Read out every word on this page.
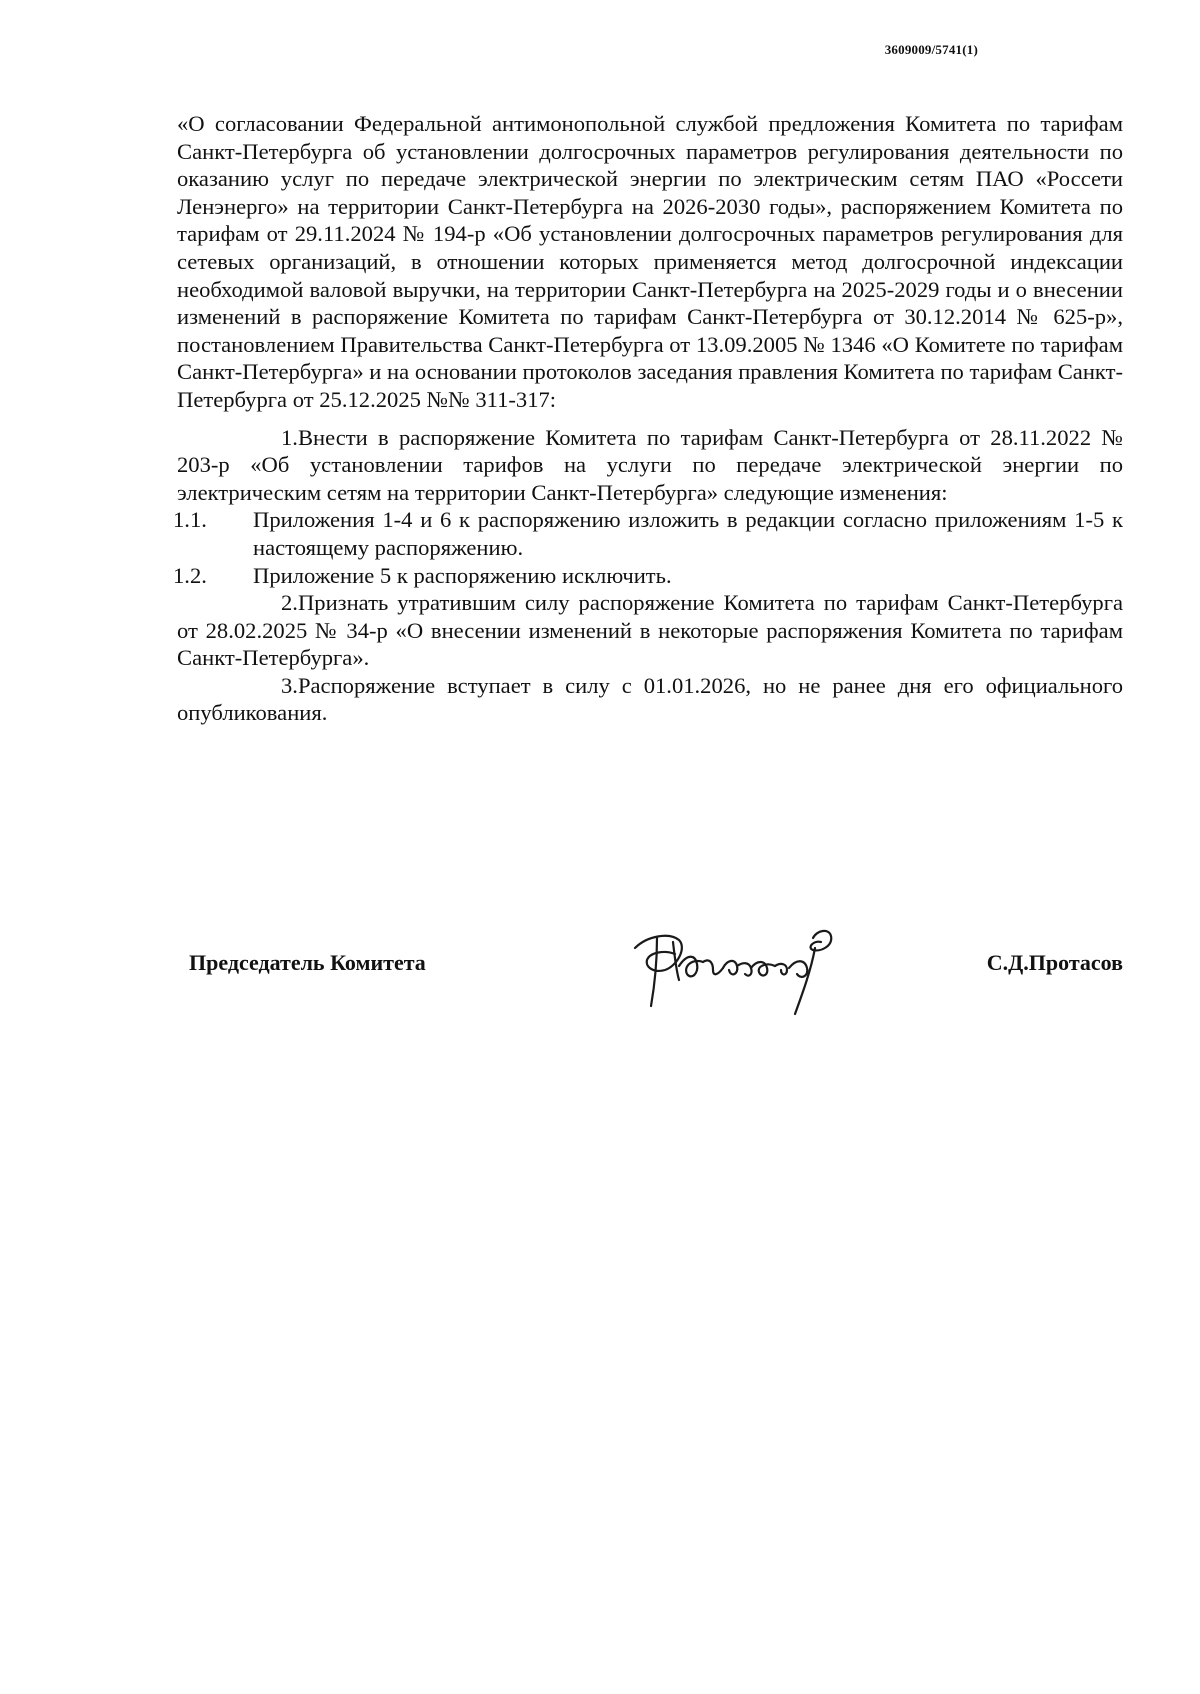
3609009/5741(1)

«О согласовании Федеральной антимонопольной службой предложения Комитета по тарифам Санкт-Петербурга об установлении долгосрочных параметров регулирования деятельности по оказанию услуг по передаче электрической энергии по электрическим сетям ПАО «Россети Ленэнерго» на территории Санкт-Петербурга на 2026-2030 годы», распоряжением Комитета по тарифам от 29.11.2024 № 194-р «Об установлении долгосрочных параметров регулирования для сетевых организаций, в отношении которых применяется метод долгосрочной индексации необходимой валовой выручки, на территории Санкт-Петербурга на 2025-2029 годы и о внесении изменений в распоряжение Комитета по тарифам Санкт-Петербурга от 30.12.2014 № 625-р», постановлением Правительства Санкт-Петербурга от 13.09.2005 № 1346 «О Комитете по тарифам Санкт-Петербурга» и на основании протоколов заседания правления Комитета по тарифам Санкт-Петербурга от 25.12.2025 №№ 311-317:

1.Внести в распоряжение Комитета по тарифам Санкт-Петербурга от 28.11.2022 № 203-р «Об установлении тарифов на услуги по передаче электрической энергии по электрическим сетям на территории Санкт-Петербурга» следующие изменения:

1.1. Приложения 1-4 и 6 к распоряжению изложить в редакции согласно приложениям 1-5 к настоящему распоряжению.

1.2. Приложение 5 к распоряжению исключить.

2.Признать утратившим силу распоряжение Комитета по тарифам Санкт-Петербурга от 28.02.2025 № 34-р «О внесении изменений в некоторые распоряжения Комитета по тарифам Санкт-Петербурга».

3.Распоряжение вступает в силу с 01.01.2026, но не ранее дня его официального опубликования.

Председатель Комитета	С.Д.Протасов
